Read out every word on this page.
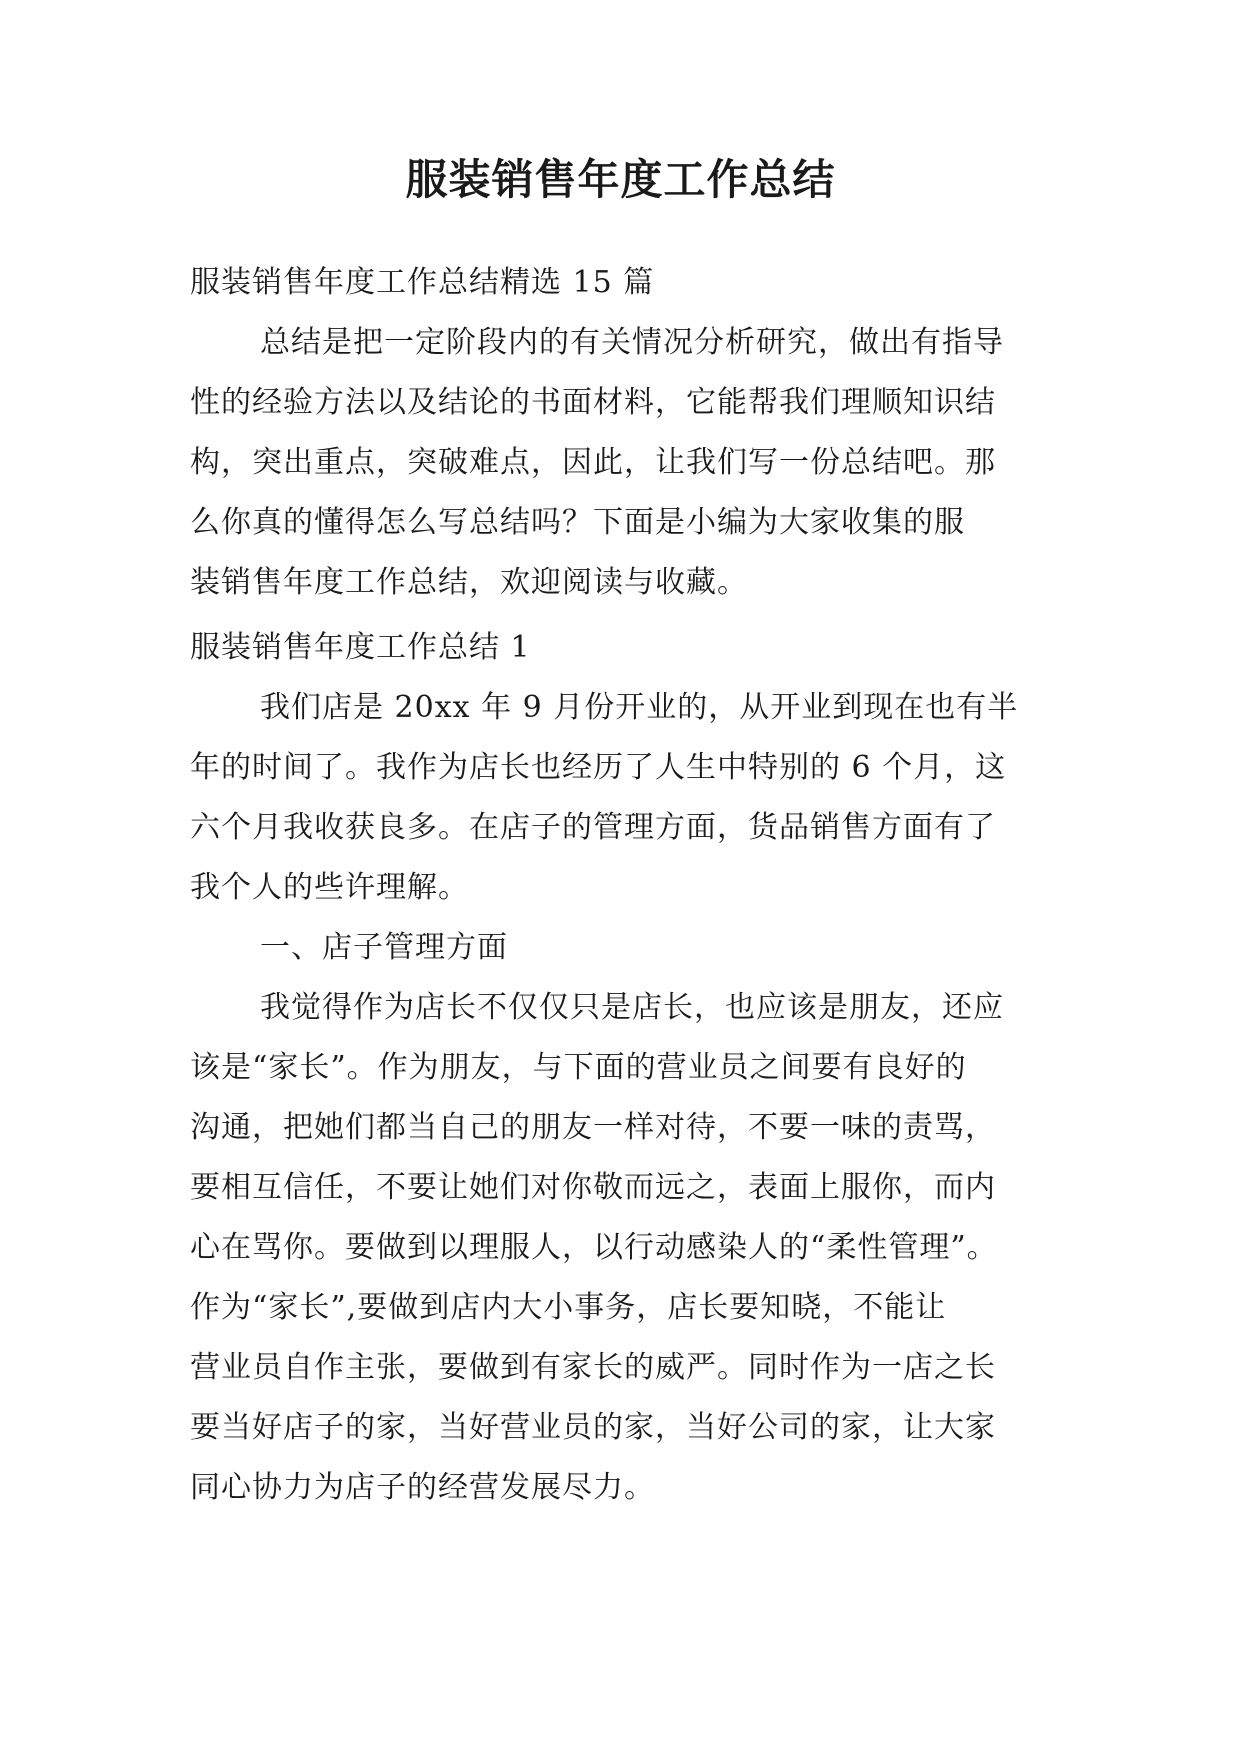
服装销售年度工作总结

服装销售年度工作总结精选 15 篇

总结是把一定阶段内的有关情况分析研究，做出有指导

性的经验方法以及结论的书面材料，它能帮我们理顺知识结

构，突出重点，突破难点，因此，让我们写一份总结吧。那

么你真的懂得怎么写总结吗？下面是小编为大家收集的服

装销售年度工作总结，欢迎阅读与收藏。

服装销售年度工作总结 1

我们店是 20xx 年 9 月份开业的，从开业到现在也有半

年的时间了。我作为店长也经历了人生中特别的 6 个月，这

六个月我收获良多。在店子的管理方面，货品销售方面有了

我个人的些许理解。

一、店子管理方面

我觉得作为店长不仅仅只是店长，也应该是朋友，还应

该是“家长”。作为朋友，与下面的营业员之间要有良好的

沟通，把她们都当自己的朋友一样对待，不要一味的责骂，

要相互信任，不要让她们对你敬而远之，表面上服你，而内

心在骂你。要做到以理服人，以行动感染人的“柔性管理”。

作为“家长”,要做到店内大小事务，店长要知晓，不能让

营业员自作主张，要做到有家长的威严。同时作为一店之长

要当好店子的家，当好营业员的家，当好公司的家，让大家

同心协力为店子的经营发展尽力。
